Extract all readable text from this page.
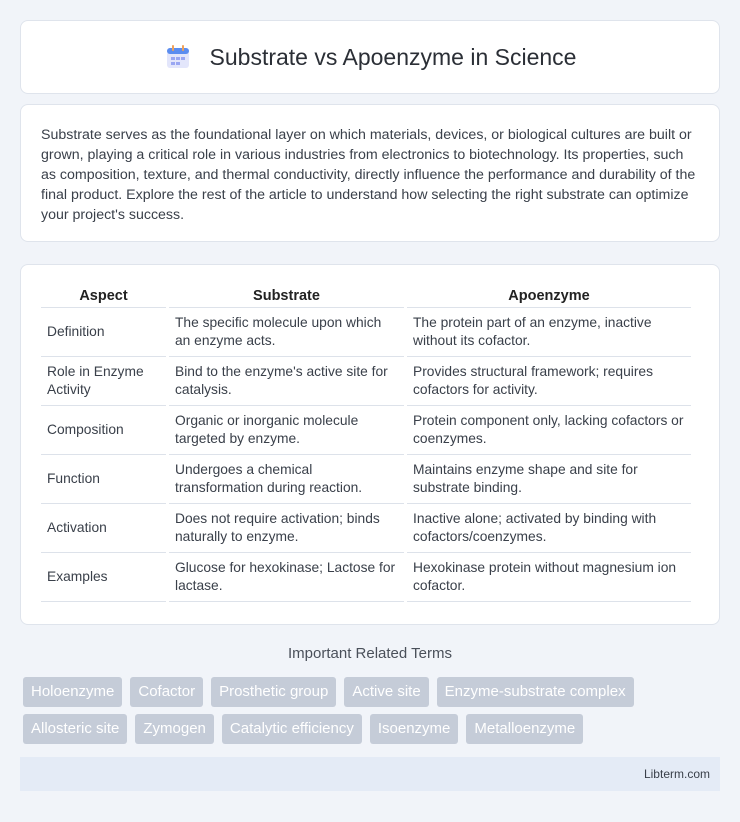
Substrate vs Apoenzyme in Science

Substrate serves as the foundational layer on which materials, devices, or biological cultures are built or grown, playing a critical role in various industries from electronics to biotechnology. Its properties, such as composition, texture, and thermal conductivity, directly influence the performance and durability of the final product. Explore the rest of the article to understand how selecting the right substrate can optimize your project's success.

Aspect	Substrate	Apoenzyme
Definition	The specific molecule upon which an enzyme acts.	The protein part of an enzyme, inactive without its cofactor.
Role in Enzyme Activity	Bind to the enzyme's active site for catalysis.	Provides structural framework; requires cofactors for activity.
Composition	Organic or inorganic molecule targeted by enzyme.	Protein component only, lacking cofactors or coenzymes.
Function	Undergoes a chemical transformation during reaction.	Maintains enzyme shape and site for substrate binding.
Activation	Does not require activation; binds naturally to enzyme.	Inactive alone; activated by binding with cofactors/coenzymes.
Examples	Glucose for hexokinase; Lactose for lactase.	Hexokinase protein without magnesium ion cofactor.
Important Related Terms
Holoenzyme	Cofactor	Prosthetic group	Active site	Enzyme-substrate complex
Allosteric site	Zymogen	Catalytic efficiency	Isoenzyme	Metalloenzyme
Libterm.com
